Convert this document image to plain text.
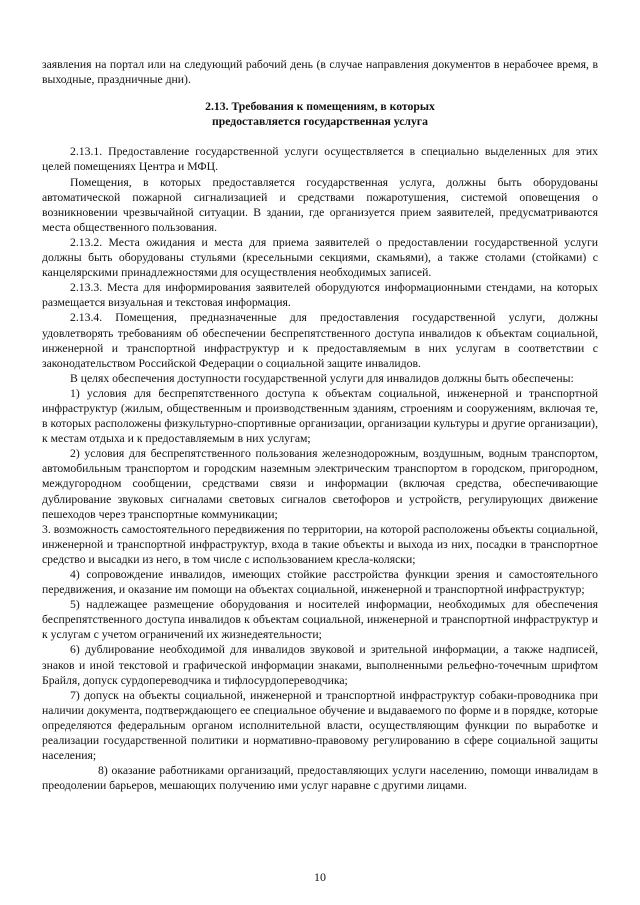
заявления на портал или на следующий рабочий день (в случае направления документов в нерабочее время, в выходные, праздничные дни).

2.13. Требования к помещениям, в которых
предоставляется государственная услуга

2.13.1. Предоставление государственной услуги осуществляется в специально выделенных для этих целей помещениях Центра и МФЦ.

Помещения, в которых предоставляется государственная услуга, должны быть оборудованы автоматической пожарной сигнализацией и средствами пожаротушения, системой оповещения о возникновении чрезвычайной ситуации. В здании, где организуется прием заявителей, предусматриваются места общественного пользования.

2.13.2. Места ожидания и места для приема заявителей о предоставлении государственной услуги должны быть оборудованы стульями (кресельными секциями, скамьями), а также столами (стойками) с канцелярскими принадлежностями для осуществления необходимых записей.

2.13.3. Места для информирования заявителей оборудуются информационными стендами, на которых размещается визуальная и текстовая информация.

2.13.4. Помещения, предназначенные для предоставления государственной услуги, должны удовлетворять требованиям об обеспечении беспрепятственного доступа инвалидов к объектам социальной, инженерной и транспортной инфраструктур и к предоставляемым в них услугам в соответствии с законодательством Российской Федерации о социальной защите инвалидов.

В целях обеспечения доступности государственной услуги для инвалидов должны быть обеспечены:

1) условия для беспрепятственного доступа к объектам социальной, инженерной и транспортной инфраструктур (жилым, общественным и производственным зданиям, строениям и сооружениям, включая те, в которых расположены физкультурно-спортивные организации, организации культуры и другие организации), к местам отдыха и к предоставляемым в них услугам;

2) условия для беспрепятственного пользования железнодорожным, воздушным, водным транспортом, автомобильным транспортом и городским наземным электрическим транспортом в городском, пригородном, междугородном сообщении, средствами связи и информации (включая средства, обеспечивающие дублирование звуковых сигналами световых сигналов светофоров и устройств, регулирующих движение пешеходов через транспортные коммуникации;

3. возможность самостоятельного передвижения по территории, на которой расположены объекты социальной, инженерной и транспортной инфраструктур, входа в такие объекты и выхода из них, посадки в транспортное средство и высадки из него, в том числе с использованием кресла-коляски;

4) сопровождение инвалидов, имеющих стойкие расстройства функции зрения и самостоятельного передвижения, и оказание им помощи на объектах социальной, инженерной и транспортной инфраструктур;

5) надлежащее размещение оборудования и носителей информации, необходимых для обеспечения беспрепятственного доступа инвалидов к объектам социальной, инженерной и транспортной инфраструктур и к услугам с учетом ограничений их жизнедеятельности;

6) дублирование необходимой для инвалидов звуковой и зрительной информации, а также надписей, знаков и иной текстовой и графической информации знаками, выполненными рельефно-точечным шрифтом Брайля, допуск сурдопереводчика и тифлосурдопереводчика;

7) допуск на объекты социальной, инженерной и транспортной инфраструктур собаки-проводника при наличии документа, подтверждающего ее специальное обучение и выдаваемого по форме и в порядке, которые определяются федеральным органом исполнительной власти, осуществляющим функции по выработке и реализации государственной политики и нормативно-правовому регулированию в сфере социальной защиты населения;

8) оказание работниками организаций, предоставляющих услуги населению, помощи инвалидам в преодолении барьеров, мешающих получению ими услуг наравне с другими лицами.

10
